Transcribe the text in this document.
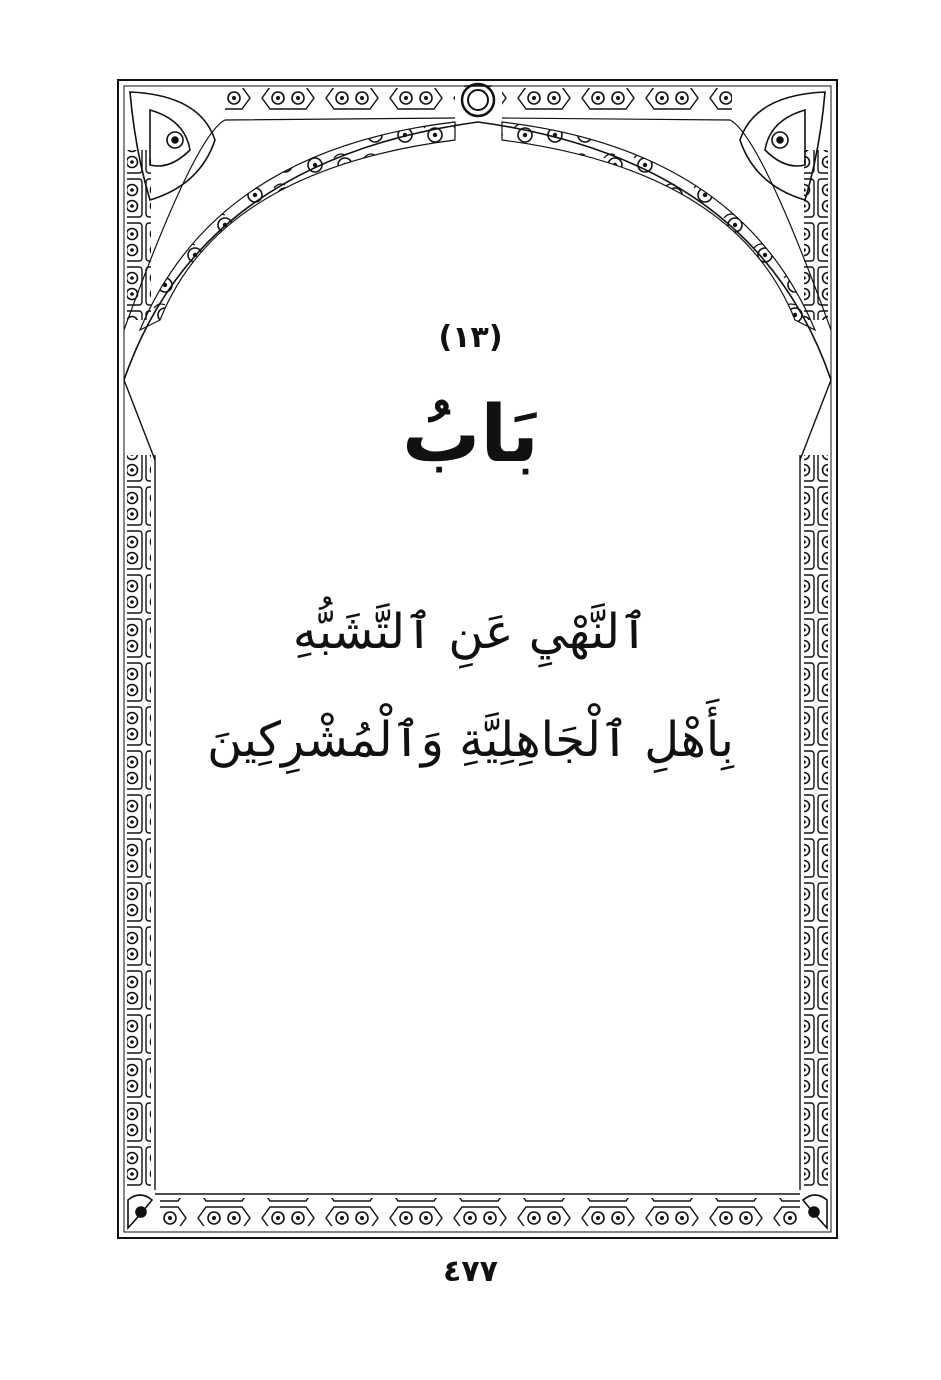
(١٣)
بَابُ
ٱلنَّهْيِ عَنِ ٱلتَّشَبُّهِ
بِأَهْلِ ٱلْجَاهِلِيَّةِ وَٱلْمُشْرِكِينَ
٤٧٧
